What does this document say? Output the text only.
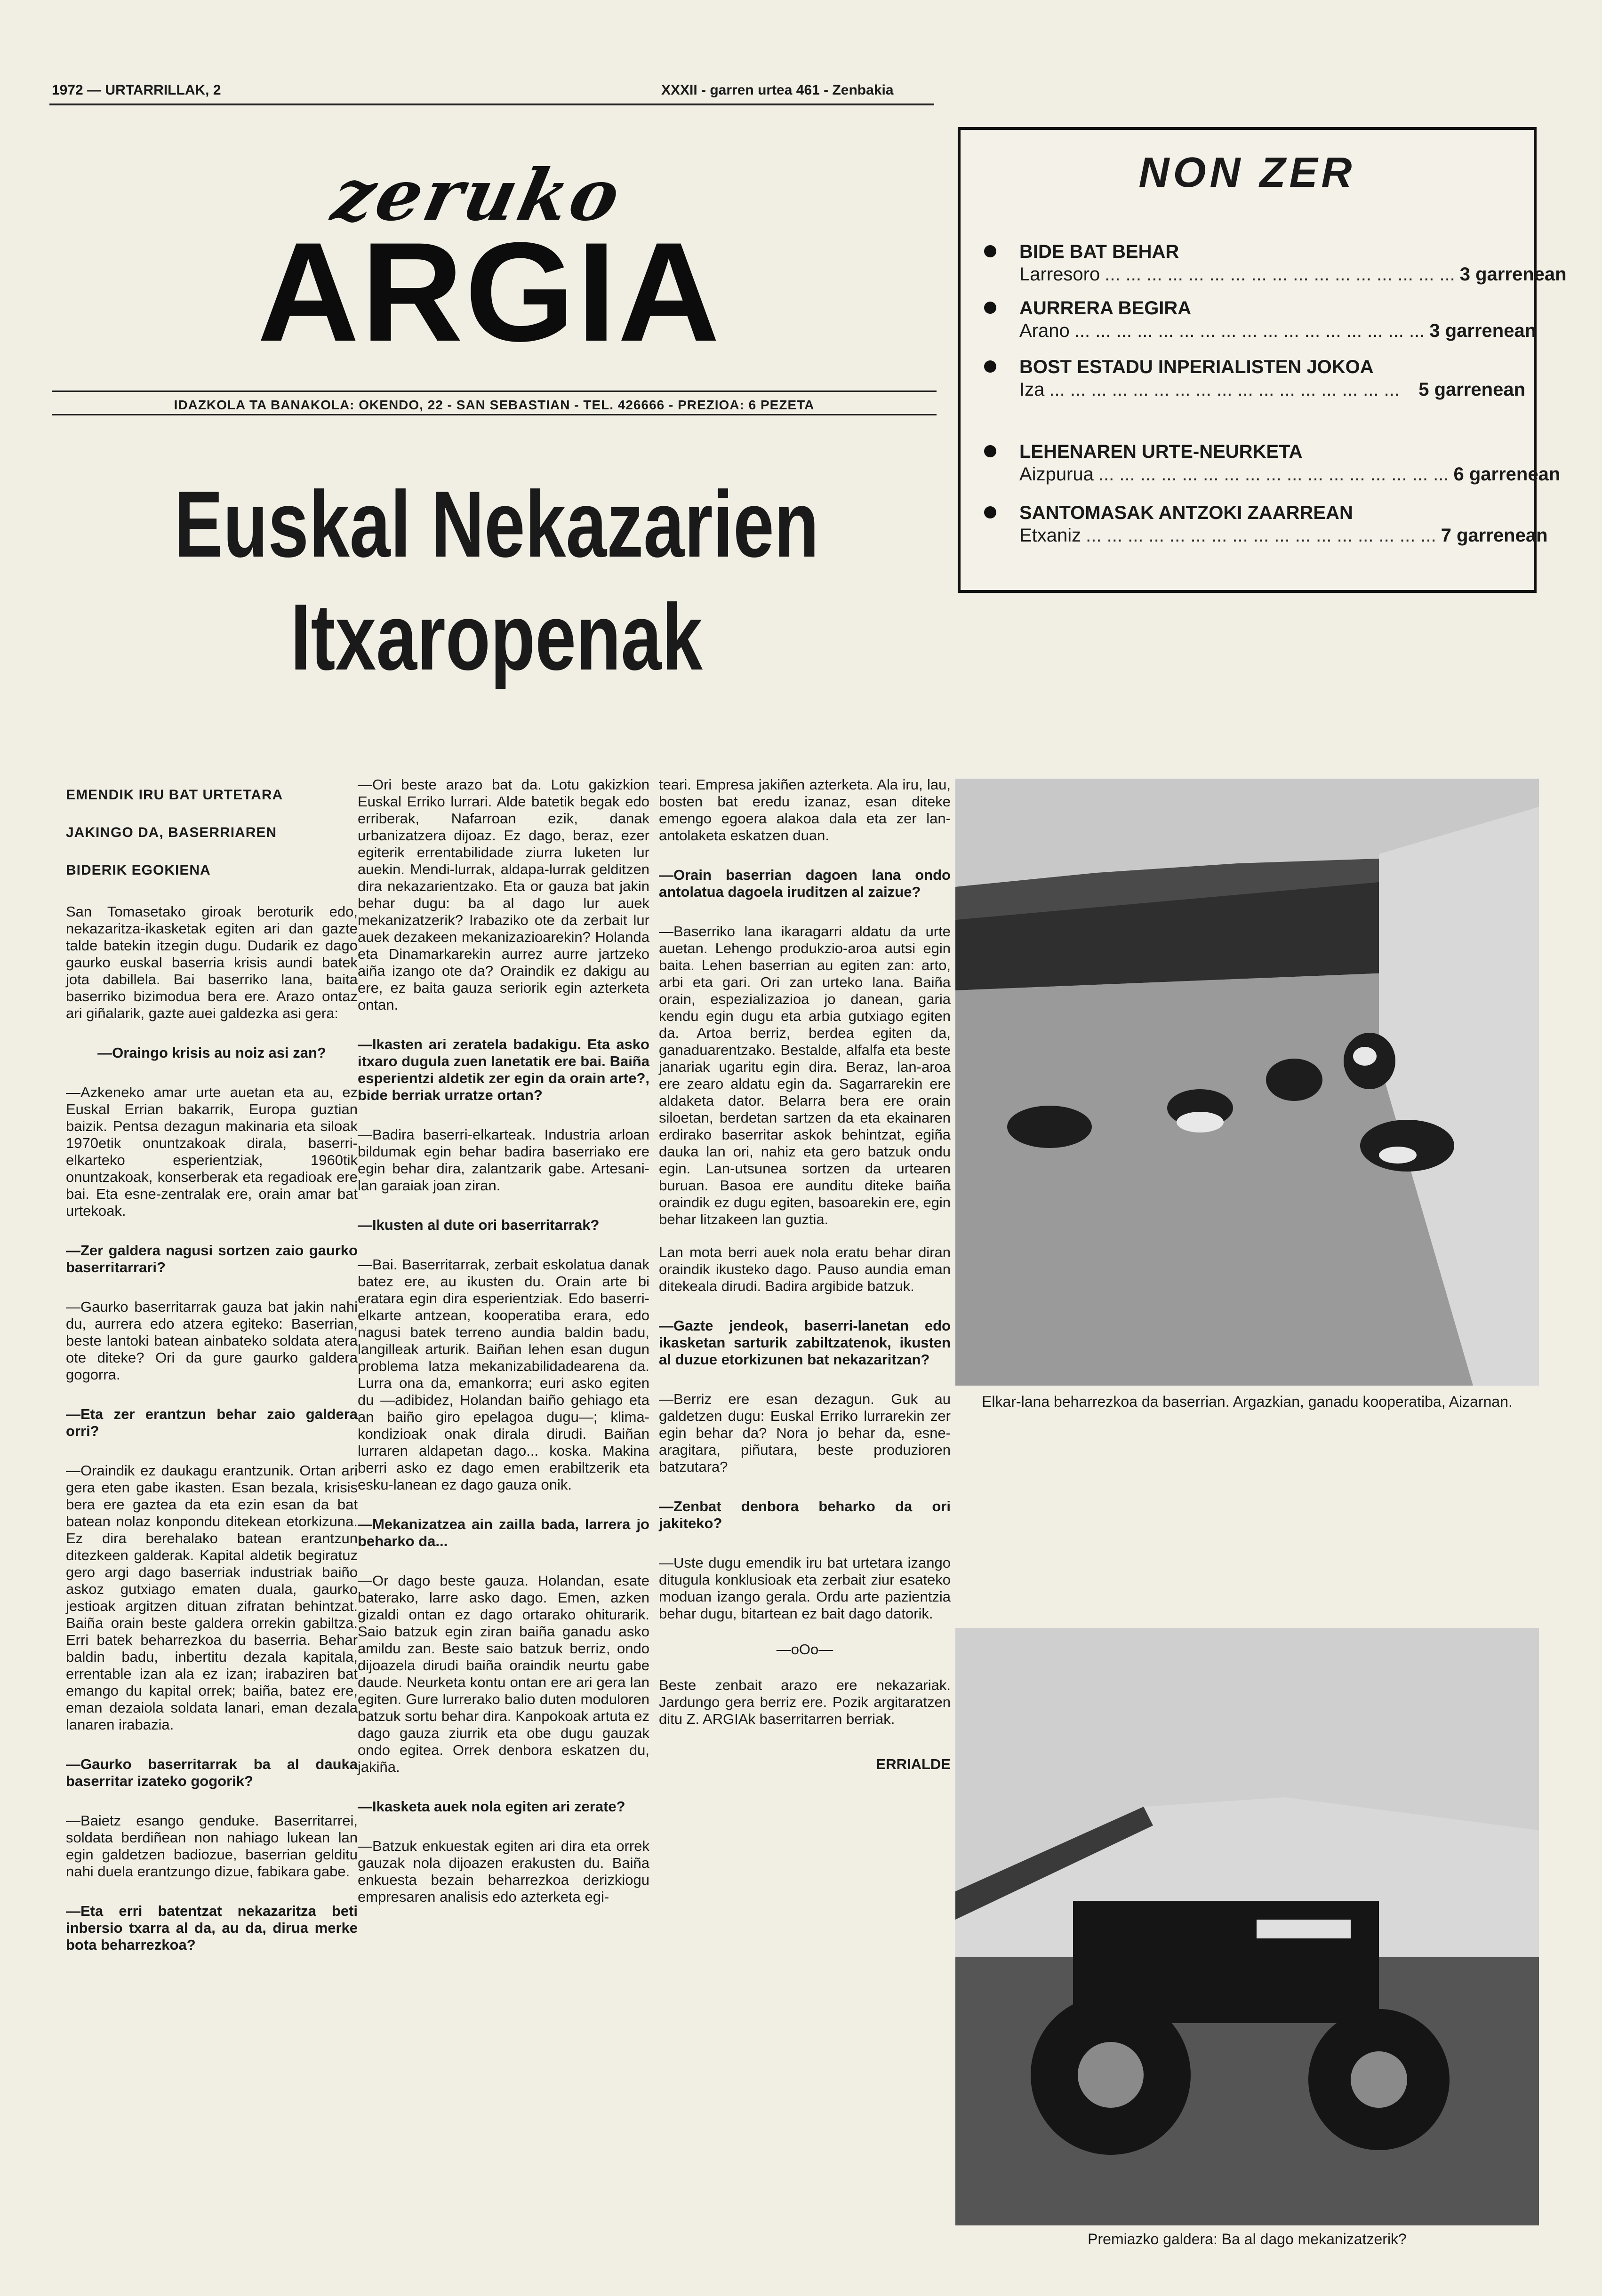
1972 — URTARRILLAK, 2	XXXII - garren urtea 461 - Zenbakia
zeruko
ARGIA
IDAZKOLA TA BANAKOLA: OKENDO, 22 - SAN SEBASTIAN - TEL. 426666 - PREZIOA: 6 PEZETA
Euskal Nekazarien
Itxaropenak
NON ZER
BIDE BAT BEHAR
Larresoro ... ... ... ... ... ... ... ... ... ... ... ... ... ... ... ... ... 3 garrenean
AURRERA BEGIRA
Arano ... ... ... ... ... ... ... ... ... ... ... ... ... ... ... ... ... 3 garrenean
BOST ESTADU INPERIALISTEN JOKOA
Iza ... ... ... ... ... ... ... ... ... ... ... ... ... ... ... ... ...	5 garrenean
LEHENAREN URTE-NEURKETA
Aizpurua ... ... ... ... ... ... ... ... ... ... ... ... ... ... ... ... ... 6 garrenean
SANTOMASAK ANTZOKI ZAARREAN
Etxaniz ... ... ... ... ... ... ... ... ... ... ... ... ... ... ... ... ... 7 garrenean
EMENDIK IRU BAT URTETARA
JAKINGO DA, BASERRIAREN
BIDERIK EGOKIENA

San Tomasetako giroak beroturik edo, nekazaritza-ikasketak egiten ari dan gazte talde batekin itzegin dugu. Dudarik ez dago gaurko euskal baserria krisis aundi batek jota dabillela. Bai baserriko lana, baita baserriko bizimodua bera ere. Arazo ontaz ari giñalarik, gazte auei galdezka asi gera:

—Oraingo krisis au noiz asi zan?

—Azkeneko amar urte auetan eta au, ez Euskal Errian bakarrik, Europa guztian baizik. Pentsa dezagun makinaria eta siloak 1970etik onuntzakoak dirala, baserri-elkarteko esperientziak, 1960tik onuntzakoak, konserberak eta regadioak ere bai. Eta esne-zentralak ere, orain amar bat urtekoak.

—Zer galdera nagusi sortzen zaio gaurko baserritarrari?

—Gaurko baserritarrak gauza bat jakin nahi du, aurrera edo atzera egiteko: Baserrian, beste lantoki batean ainbateko soldata atera ote diteke? Ori da gure gaurko galdera gogorra.

—Eta zer erantzun behar zaio galdera orri?

—Oraindik ez daukagu erantzunik. Ortan ari gera eten gabe ikasten. Esan bezala, krisis bera ere gaztea da eta ezin esan da bat batean nolaz konpondu ditekean etorkizuna. Ez dira berehalako batean erantzun ditezkeen galderak. Kapital aldetik begiratuz gero argi dago baserriak industriak baiño askoz gutxiago ematen duala, gaurko jestioak argitzen dituan zifratan behintzat. Baiña orain beste galdera orrekin gabiltza. Erri batek beharrezkoa du baserria. Behar baldin badu, inbertitu dezala kapitala, errentable izan ala ez izan; irabaziren bat emango du kapital orrek; baiña, batez ere, eman dezaiola soldata lanari, eman dezala lanaren irabazia.

—Gaurko baserritarrak ba al dauka baserritar izateko gogorik?

—Baietz esango genduke. Baserritarrei, soldata berdiñean non nahiago lukean lan egin galdetzen badiozue, baserrian gelditu nahi duela erantzungo dizue, fabikara gabe.

—Eta erri batentzat nekazaritza beti inbersio txarra al da, au da, dirua merke bota beharrezkoa?

—Ori beste arazo bat da. Lotu gakizkion Euskal Erriko lurrari. Alde batetik begak edo erriberak, Nafarroan ezik, danak urbanizatzera dijoaz. Ez dago, beraz, ezer egiterik errentabilidade ziurra luketen lur auekin. Mendi-lurrak, aldapa-lurrak gelditzen dira nekazarientzako. Eta or gauza bat jakin behar dugu: ba al dago lur auek mekanizatzerik? Irabaziko ote da zerbait lur auek dezakeen mekanizazioarekin? Holanda eta Dinamarkarekin aurrez aurre jartzeko aiña izango ote da? Oraindik ez dakigu au ere, ez baita gauza seriorik egin azterketa ontan.

—Ikasten ari zeratela badakigu. Eta asko itxaro dugula zuen lanetatik ere bai. Baiña esperientzi aldetik zer egin da orain arte?, bide berriak urratze ortan?

—Badira baserri-elkarteak. Industria arloan bildumak egin behar badira baserriako ere egin behar dira, zalantzarik gabe. Artesani-lan garaiak joan ziran.

—Ikusten al dute ori baserritarrak?

—Bai. Baserritarrak, zerbait eskolatua danak batez ere, au ikusten du. Orain arte bi eratara egin dira esperientziak. Edo baserri-elkarte antzean, kooperatiba erara, edo nagusi batek terreno aundia baldin badu, langilleak arturik. Baiñan lehen esan dugun problema latza mekanizabilidadearena da. Lurra ona da, emankorra; euri asko egiten du —adibidez, Holandan baiño gehiago eta an baiño giro epelagoa dugu—; klima-kondizioak onak dirala dirudi. Baiñan lurraren aldapetan dago... koska. Makina berri asko ez dago emen erabiltzerik eta esku-lanean ez dago gauza onik.

—Mekanizatzea ain zailla bada, larrera jo beharko da...

—Or dago beste gauza. Holandan, esate baterako, larre asko dago. Emen, azken gizaldi ontan ez dago ortarako ohiturarik. Saio batzuk egin ziran baiña ganadu asko amildu zan. Beste saio batzuk berriz, ondo dijoazela dirudi baiña oraindik neurtu gabe daude. Neurketa kontu ontan ere ari gera lan egiten. Gure lurrerako balio duten moduloren batzuk sortu behar dira. Kanpokoak artuta ez dago gauza ziurrik eta obe dugu gauzak ondo egitea. Orrek denbora eskatzen du, jakiña.

—Ikasketa auek nola egiten ari zerate?

—Batzuk enkuestak egiten ari dira eta orrek gauzak nola dijoazen erakusten du. Baiña enkuesta bezain beharrezkoa derizkiogu empresaren analisis edo azterketa egi-

teari. Empresa jakiñen azterketa. Ala iru, lau, bosten bat eredu izanaz, esan diteke emengo egoera alakoa dala eta zer lan-antolaketa eskatzen duan.

—Orain baserrian dagoen lana ondo antolatua dagoela iruditzen al zaizue?

—Baserriko lana ikaragarri aldatu da urte auetan. Lehengo produkzio-aroa autsi egin baita. Lehen baserrian au egiten zan: arto, arbi eta gari. Ori zan urteko lana. Baiña orain, espezializazioa jo danean, garia kendu egin dugu eta arbia gutxiago egiten da. Artoa berriz, berdea egiten da, ganaduarentzako. Bestalde, alfalfa eta beste janariak ugaritu egin dira. Beraz, lan-aroa ere zearo aldatu egin da. Sagarrarekin ere aldaketa dator. Belarra bera ere orain siloetan, berdetan sartzen da eta ekainaren erdirako baserritar askok behintzat, egiña dauka lan ori, nahiz eta gero batzuk ondu egin. Lan-utsunea sortzen da urtearen buruan. Basoa ere aunditu diteke baiña oraindik ez dugu egiten, basoarekin ere, egin behar litzakeen lan guztia.

Lan mota berri auek nola eratu behar diran oraindik ikusteko dago. Pauso aundia eman ditekeala dirudi. Badira argibide batzuk.

—Gazte jendeok, baserri-lanetan edo ikasketan sarturik zabiltzatenok, ikusten al duzue etorkizunen bat nekazaritzan?

—Berriz ere esan dezagun. Guk au galdetzen dugu: Euskal Erriko lurrarekin zer egin behar da? Nora jo behar da, esne-aragitara, piñutara, beste produzioren batzutara?

—Zenbat denbora beharko da ori jakiteko?

—Uste dugu emendik iru bat urtetara izango ditugula konklusioak eta zerbait ziur esateko moduan izango gerala. Ordu arte pazientzia behar dugu, bitartean ez bait dago datorik.

—oOo—

Beste zenbait arazo ere nekazariak. Jardungo gera berriz ere. Pozik argitaratzen ditu Z. ARGIAk baserritarren berriak.

ERRIALDE

Elkar-lana beharrezkoa da baserrian. Argazkian, ganadu kooperatiba, Aizarnan.
Premiazko galdera: Ba al dago mekanizatzerik?
